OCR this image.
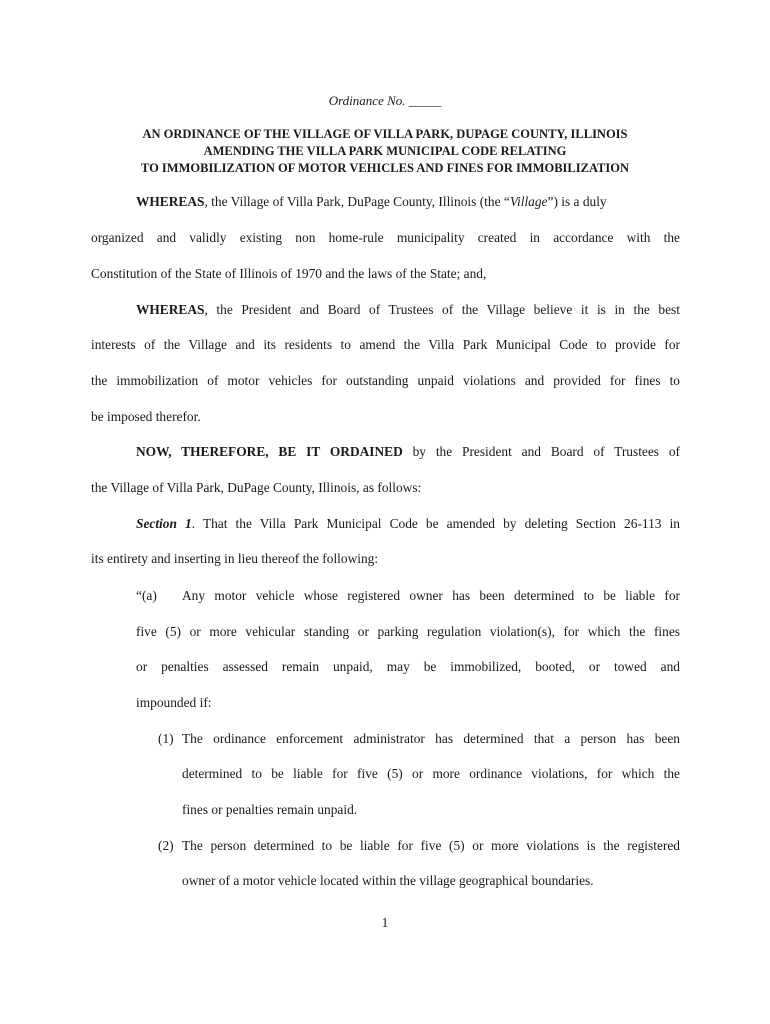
Ordinance No. _____
AN ORDINANCE OF THE VILLAGE OF VILLA PARK, DUPAGE COUNTY, ILLINOIS
AMENDING THE VILLA PARK MUNICIPAL CODE RELATING
TO IMMOBILIZATION OF MOTOR VEHICLES AND FINES FOR IMMOBILIZATION
WHEREAS, the Village of Villa Park, DuPage County, Illinois (the “Village”) is a duly
organized and validly existing non home-rule municipality created in accordance with the
Constitution of the State of Illinois of 1970 and the laws of the State; and,
WHEREAS, the President and Board of Trustees of the Village believe it is in the best
interests of the Village and its residents to amend the Villa Park Municipal Code to provide for
the immobilization of motor vehicles for outstanding unpaid violations and provided for fines to
be imposed therefor.
NOW, THEREFORE, BE IT ORDAINED by the President and Board of Trustees of
the Village of Villa Park, DuPage County, Illinois, as follows:
Section 1. That the Villa Park Municipal Code be amended by deleting Section 26-113 in
its entirety and inserting in lieu thereof the following:
“(a) Any motor vehicle whose registered owner has been determined to be liable for
five (5) or more vehicular standing or parking regulation violation(s), for which the fines
or penalties assessed remain unpaid, may be immobilized, booted, or towed and
impounded if:
(1) The ordinance enforcement administrator has determined that a person has been
determined to be liable for five (5) or more ordinance violations, for which the
fines or penalties remain unpaid.
(2) The person determined to be liable for five (5) or more violations is the registered
owner of a motor vehicle located within the village geographical boundaries.
1
